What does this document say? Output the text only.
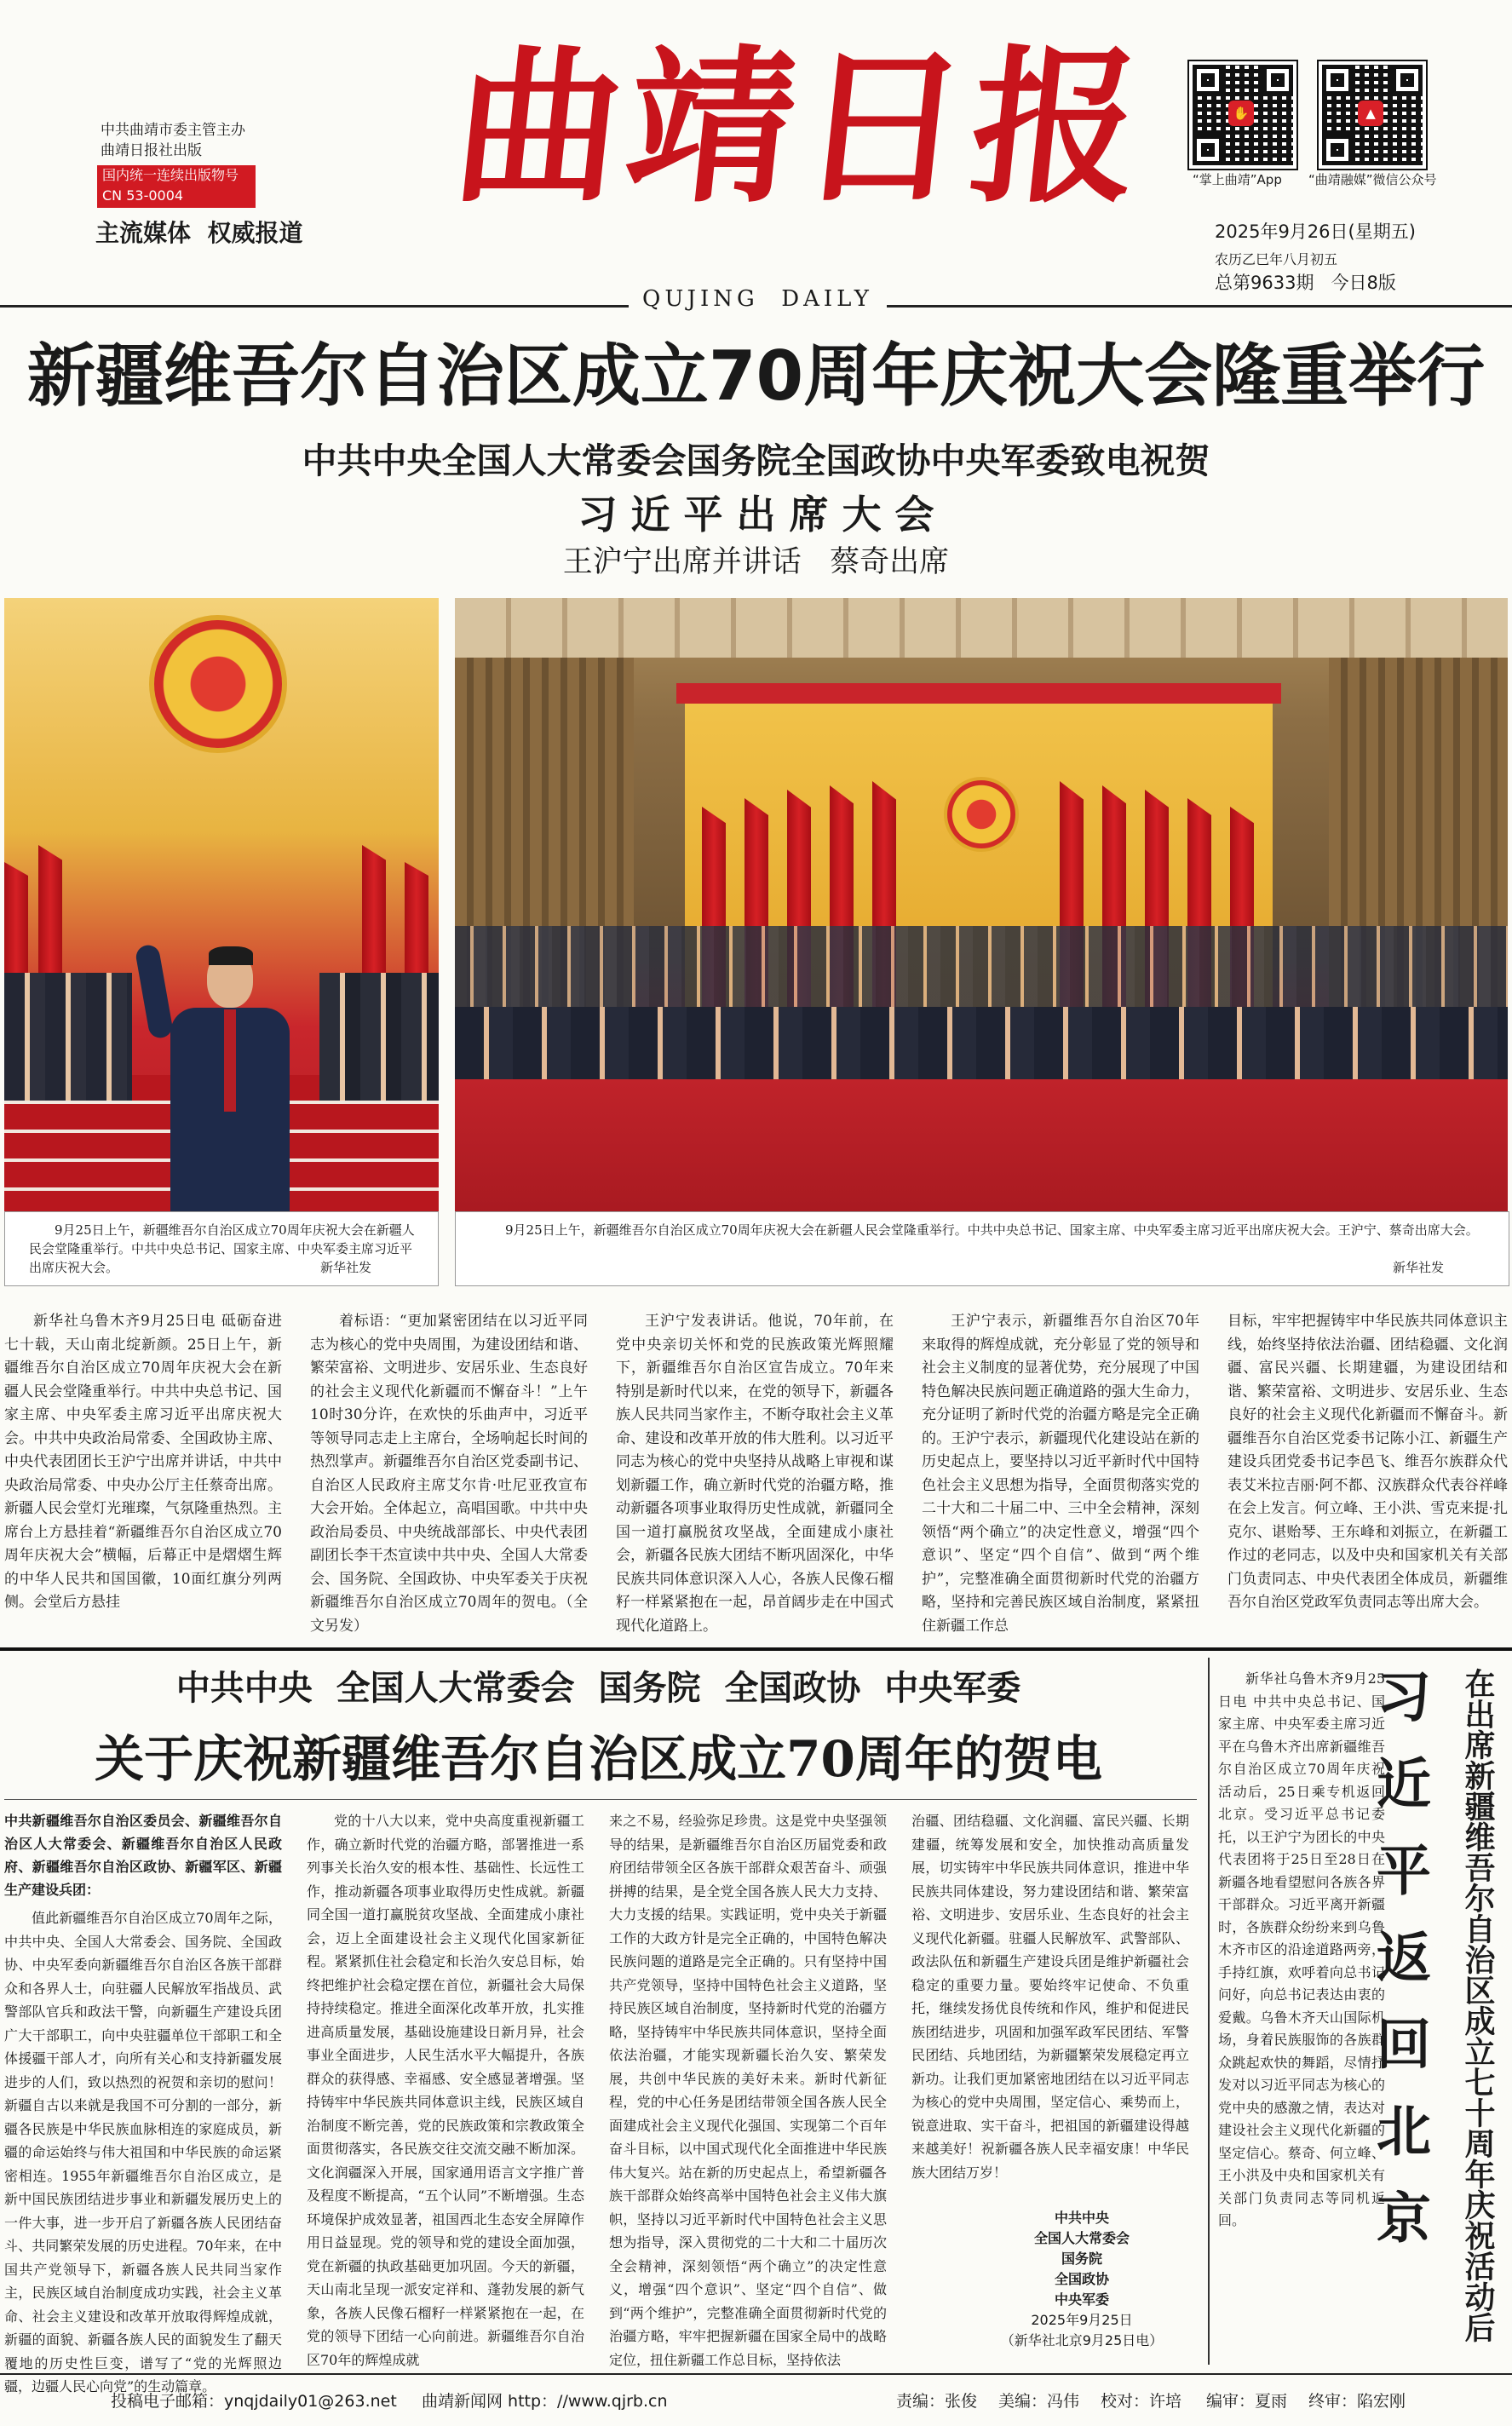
中共曲靖市委主管主办
曲靖日报社出版
国内统一连续出版物号
CN 53-0004
主流媒体  权威报道
曲靖日报	✋	▲
“掌上曲靖”App “曲靖融媒”微信公众号
2025年9月26日(星期五)
农历乙巳年八月初五
总第9633期   今日8版
QUJING  DAILY
新疆维吾尔自治区成立70周年庆祝大会隆重举行
中共中央全国人大常委会国务院全国政协中央军委致电祝贺
习 近 平 出 席 大 会
王沪宁出席并讲话   蔡奇出席
9月25日上午，新疆维吾尔自治区成立70周年庆祝大会在新疆人民会堂隆重举行。中共中央总书记、国家主席、中央军委主席习近平出席庆祝大会。	新华社发
9月25日上午，新疆维吾尔自治区成立70周年庆祝大会在新疆人民会堂隆重举行。中共中央总书记、国家主席、中央军委主席习近平出席庆祝大会。王沪宁、蔡奇出席大会。
新华社发

新华社乌鲁木齐9月25日电 砥砺奋进七十载，天山南北绽新颜。25日上午，新疆维吾尔自治区成立70周年庆祝大会在新疆人民会堂隆重举行。中共中央总书记、国家主席、中央军委主席习近平出席庆祝大会。中共中央政治局常委、全国政协主席、中央代表团团长王沪宁出席并讲话，中共中央政治局常委、中央办公厅主任蔡奇出席。新疆人民会堂灯光璀璨，气氛隆重热烈。主席台上方悬挂着“新疆维吾尔自治区成立70周年庆祝大会”横幅，后幕正中是熠熠生辉的中华人民共和国国徽，10面红旗分列两侧。会堂后方悬挂

着标语：“更加紧密团结在以习近平同志为核心的党中央周围，为建设团结和谐、繁荣富裕、文明进步、安居乐业、生态良好的社会主义现代化新疆而不懈奋斗！”上午10时30分许，在欢快的乐曲声中，习近平等领导同志走上主席台，全场响起长时间的热烈掌声。新疆维吾尔自治区党委副书记、自治区人民政府主席艾尔肯·吐尼亚孜宣布大会开始。全体起立，高唱国歌。中共中央政治局委员、中央统战部部长、中央代表团副团长李干杰宣读中共中央、全国人大常委会、国务院、全国政协、中央军委关于庆祝新疆维吾尔自治区成立70周年的贺电。（全文另发）

王沪宁发表讲话。他说，70年前，在党中央亲切关怀和党的民族政策光辉照耀下，新疆维吾尔自治区宣告成立。70年来特别是新时代以来，在党的领导下，新疆各族人民共同当家作主，不断夺取社会主义革命、建设和改革开放的伟大胜利。以习近平同志为核心的党中央坚持从战略上审视和谋划新疆工作，确立新时代党的治疆方略，推动新疆各项事业取得历史性成就，新疆同全国一道打赢脱贫攻坚战，全面建成小康社会，新疆各民族大团结不断巩固深化，中华民族共同体意识深入人心，各族人民像石榴籽一样紧紧抱在一起，昂首阔步走在中国式现代化道路上。

王沪宁表示，新疆维吾尔自治区70年来取得的辉煌成就，充分彰显了党的领导和社会主义制度的显著优势，充分展现了中国特色解决民族问题正确道路的强大生命力，充分证明了新时代党的治疆方略是完全正确的。王沪宁表示，新疆现代化建设站在新的历史起点上，要坚持以习近平新时代中国特色社会主义思想为指导，全面贯彻落实党的二十大和二十届二中、三中全会精神，深刻领悟“两个确立”的决定性意义，增强“四个意识”、坚定“四个自信”、做到“两个维护”，完整准确全面贯彻新时代党的治疆方略，坚持和完善民族区域自治制度，紧紧扭住新疆工作总

目标，牢牢把握铸牢中华民族共同体意识主线，始终坚持依法治疆、团结稳疆、文化润疆、富民兴疆、长期建疆，为建设团结和谐、繁荣富裕、文明进步、安居乐业、生态良好的社会主义现代化新疆而不懈奋斗。新疆维吾尔自治区党委书记陈小江、新疆生产建设兵团党委书记李邑飞、维吾尔族群众代表艾米拉吉丽·阿不都、汉族群众代表谷祥峰在会上发言。何立峰、王小洪、雪克来提·扎克尔、谌贻琴、王东峰和刘振立，在新疆工作过的老同志，以及中央和国家机关有关部门负责同志、中央代表团全体成员，新疆维吾尔自治区党政军负责同志等出席大会。

中共中央  全国人大常委会  国务院  全国政协  中央军委
关于庆祝新疆维吾尔自治区成立70周年的贺电
中共新疆维吾尔自治区委员会、新疆维吾尔自治区人大常委会、新疆维吾尔自治区人民政府、新疆维吾尔自治区政协、新疆军区、新疆生产建设兵团：

值此新疆维吾尔自治区成立70周年之际，中共中央、全国人大常委会、国务院、全国政协、中央军委向新疆维吾尔自治区各族干部群众和各界人士，向驻疆人民解放军指战员、武警部队官兵和政法干警，向新疆生产建设兵团广大干部职工，向中央驻疆单位干部职工和全体援疆干部人才，向所有关心和支持新疆发展进步的人们，致以热烈的祝贺和亲切的慰问！新疆自古以来就是我国不可分割的一部分，新疆各民族是中华民族血脉相连的家庭成员，新疆的命运始终与伟大祖国和中华民族的命运紧密相连。1955年新疆维吾尔自治区成立，是新中国民族团结进步事业和新疆发展历史上的一件大事，进一步开启了新疆各族人民团结奋斗、共同繁荣发展的历史进程。70年来，在中国共产党领导下，新疆各族人民共同当家作主，民族区域自治制度成功实践，社会主义革命、社会主义建设和改革开放取得辉煌成就，新疆的面貌、新疆各族人民的面貌发生了翻天覆地的历史性巨变，谱写了“党的光辉照边疆，边疆人民心向党”的生动篇章。

党的十八大以来，党中央高度重视新疆工作，确立新时代党的治疆方略，部署推进一系列事关长治久安的根本性、基础性、长远性工作，推动新疆各项事业取得历史性成就。新疆同全国一道打赢脱贫攻坚战、全面建成小康社会，迈上全面建设社会主义现代化国家新征程。紧紧抓住社会稳定和长治久安总目标，始终把维护社会稳定摆在首位，新疆社会大局保持持续稳定。推进全面深化改革开放，扎实推进高质量发展，基础设施建设日新月异，社会事业全面进步，人民生活水平大幅提升，各族群众的获得感、幸福感、安全感显著增强。坚持铸牢中华民族共同体意识主线，民族区域自治制度不断完善，党的民族政策和宗教政策全面贯彻落实，各民族交往交流交融不断加深。文化润疆深入开展，国家通用语言文字推广普及程度不断提高，“五个认同”不断增强。生态环境保护成效显著，祖国西北生态安全屏障作用日益显现。党的领导和党的建设全面加强，党在新疆的执政基础更加巩固。今天的新疆，天山南北呈现一派安定祥和、蓬勃发展的新气象，各族人民像石榴籽一样紧紧抱在一起，在党的领导下团结一心向前进。新疆维吾尔自治区70年的辉煌成就

来之不易，经验弥足珍贵。这是党中央坚强领导的结果，是新疆维吾尔自治区历届党委和政府团结带领全区各族干部群众艰苦奋斗、顽强拼搏的结果，是全党全国各族人民大力支持、大力支援的结果。实践证明，党中央关于新疆工作的大政方针是完全正确的，中国特色解决民族问题的道路是完全正确的。只有坚持中国共产党领导，坚持中国特色社会主义道路，坚持民族区域自治制度，坚持新时代党的治疆方略，坚持铸牢中华民族共同体意识，坚持全面依法治疆，才能实现新疆长治久安、繁荣发展，共创中华民族的美好未来。新时代新征程，党的中心任务是团结带领全国各族人民全面建成社会主义现代化强国、实现第二个百年奋斗目标，以中国式现代化全面推进中华民族伟大复兴。站在新的历史起点上，希望新疆各族干部群众始终高举中国特色社会主义伟大旗帜，坚持以习近平新时代中国特色社会主义思想为指导，深入贯彻党的二十大和二十届历次全会精神，深刻领悟“两个确立”的决定性意义，增强“四个意识”、坚定“四个自信”、做到“两个维护”，完整准确全面贯彻新时代党的治疆方略，牢牢把握新疆在国家全局中的战略定位，扭住新疆工作总目标，坚持依法

治疆、团结稳疆、文化润疆、富民兴疆、长期建疆，统筹发展和安全，加快推动高质量发展，切实铸牢中华民族共同体意识，推进中华民族共同体建设，努力建设团结和谐、繁荣富裕、文明进步、安居乐业、生态良好的社会主义现代化新疆。驻疆人民解放军、武警部队、政法队伍和新疆生产建设兵团是维护新疆社会稳定的重要力量。要始终牢记使命、不负重托，继续发扬优良传统和作风，维护和促进民族团结进步，巩固和加强军政军民团结、军警民团结、兵地团结，为新疆繁荣发展稳定再立新功。让我们更加紧密地团结在以习近平同志为核心的党中央周围，坚定信心、乘势而上，锐意进取、实干奋斗，把祖国的新疆建设得越来越美好！祝新疆各族人民幸福安康！中华民族大团结万岁！

中共中央
全国人大常委会
国务院
全国政协
中央军委
2025年9月25日
（新华社北京9月25日电）

新华社乌鲁木齐9月25日电 中共中央总书记、国家主席、中央军委主席习近平在乌鲁木齐出席新疆维吾尔自治区成立70周年庆祝活动后，25日乘专机返回北京。受习近平总书记委托，以王沪宁为团长的中央代表团将于25日至28日在新疆各地看望慰问各族各界干部群众。习近平离开新疆时，各族群众纷纷来到乌鲁木齐市区的沿途道路两旁，手持红旗，欢呼着向总书记问好，向总书记表达由衷的爱戴。乌鲁木齐天山国际机场，身着民族服饰的各族群众跳起欢快的舞蹈，尽情抒发对以习近平同志为核心的党中央的感激之情，表达对建设社会主义现代化新疆的坚定信心。蔡奇、何立峰、王小洪及中央和国家机关有关部门负责同志等同机返回。	习近平返回北京 在出席新疆维吾尔自治区成立七十周年庆祝活动后
投稿电子邮箱：ynqjdaily01@263.net 曲靖新闻网 http：//www.qjrb.cn	责编：张俊 美编：冯伟 校对：许培 编审：夏雨 终审：陷宏刚
